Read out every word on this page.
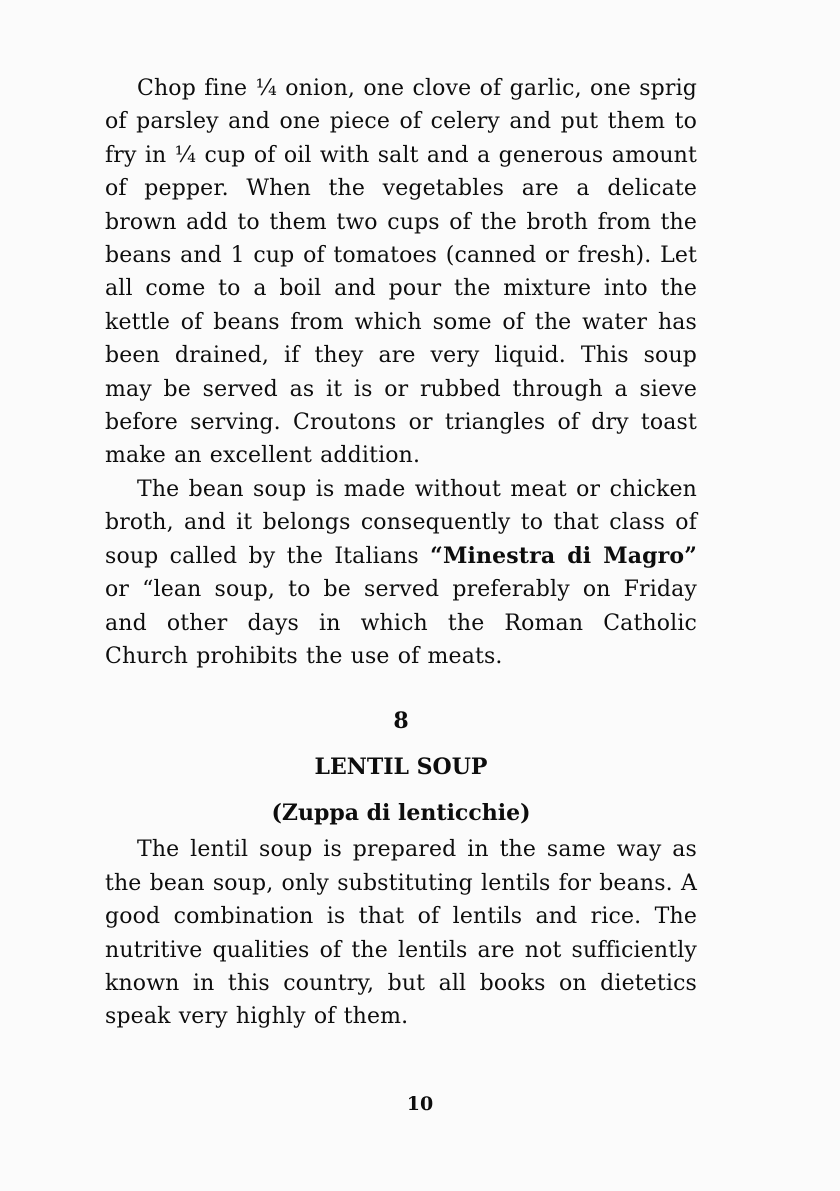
Chop fine ¼ onion, one clove of garlic, one sprig of parsley and one piece of celery and put them to fry in ¼ cup of oil with salt and a generous amount of pepper. When the vegetables are a delicate brown add to them two cups of the broth from the beans and 1 cup of tomatoes (canned or fresh). Let all come to a boil and pour the mixture into the kettle of beans from which some of the water has been drained, if they are very liquid. This soup may be served as it is or rubbed through a sieve before serving. Croutons or triangles of dry toast make an excellent addition.

The bean soup is made without meat or chicken broth, and it belongs consequently to that class of soup called by the Italians “Minestra di Magro” or “lean soup, to be served preferably on Friday and other days in which the Roman Catholic Church prohibits the use of meats.

8
LENTIL SOUP
(Zuppa di lenticchie)

The lentil soup is prepared in the same way as the bean soup, only substituting lentils for beans. A good combination is that of lentils and rice. The nutritive qualities of the lentils are not sufficiently known in this country, but all books on dietetics speak very highly of them.

10
